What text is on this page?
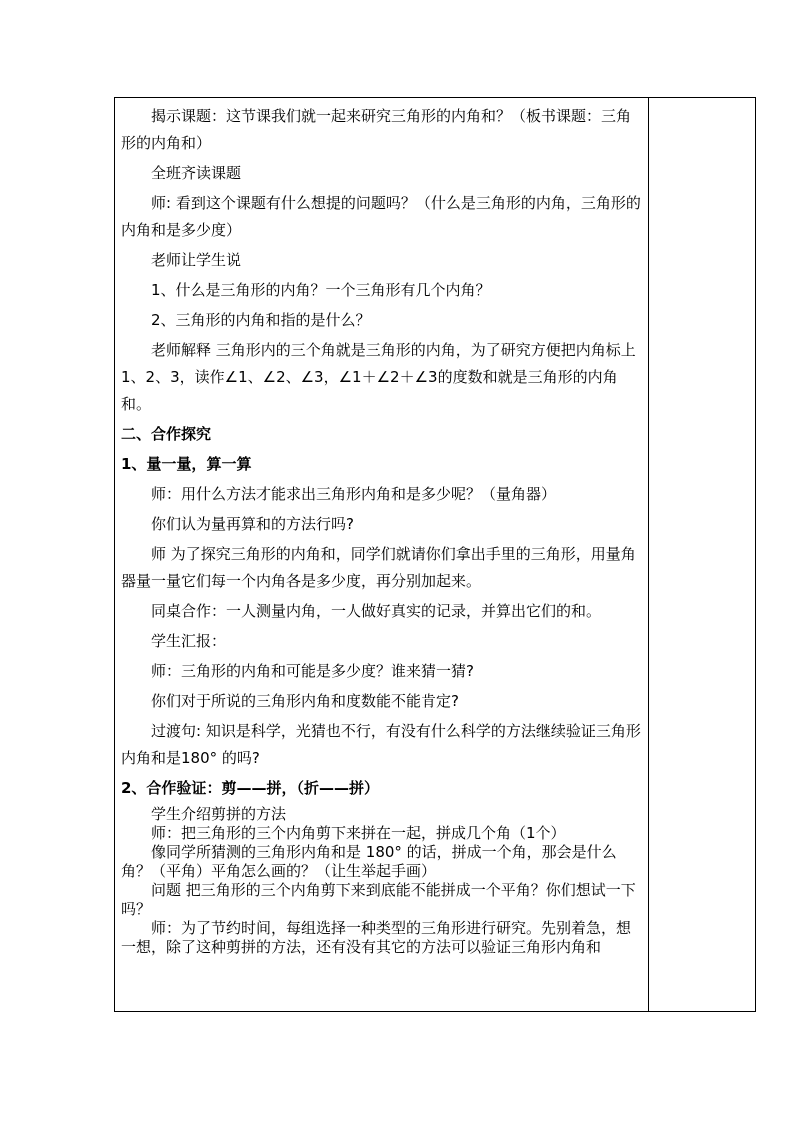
揭示课题：这节课我们就一起来研究三角形的内角和？（板书课题：三角形的内角和）

全班齐读课题

师: 看到这个课题有什么想提的问题吗？（什么是三角形的内角，三角形的内角和是多少度）

老师让学生说

1、什么是三角形的内角？一个三角形有几个内角？

2、三角形的内角和指的是什么？

老师解释 三角形内的三个角就是三角形的内角，为了研究方便把内角标上1、2、3，读作∠1、∠2、∠3，∠1＋∠2＋∠3的度数和就是三角形的内角和。

二、合作探究

1、量一量，算一算

师：用什么方法才能求出三角形内角和是多少呢？（量角器）

你们认为量再算和的方法行吗?

师 为了探究三角形的内角和，同学们就请你们拿出手里的三角形，用量角器量一量它们每一个内角各是多少度，再分别加起来。

同桌合作：一人测量内角，一人做好真实的记录，并算出它们的和。

学生汇报：

师：三角形的内角和可能是多少度？谁来猜一猜?

你们对于所说的三角形内角和度数能不能肯定?

过渡句: 知识是科学，光猜也不行，有没有什么科学的方法继续验证三角形内角和是180° 的吗?

2、合作验证：剪——拼，（折——拼）

学生介绍剪拼的方法

师：把三角形的三个内角剪下来拼在一起，拼成几个角（1个）

像同学所猜测的三角形内角和是 180° 的话，拼成一个角，那会是什么角？（平角）平角怎么画的？（让生举起手画）

问题 把三角形的三个内角剪下来到底能不能拼成一个平角？你们想试一下吗？

师：为了节约时间，每组选择一种类型的三角形进行研究。先别着急，想一想，除了这种剪拼的方法，还有没有其它的方法可以验证三角形内角和
